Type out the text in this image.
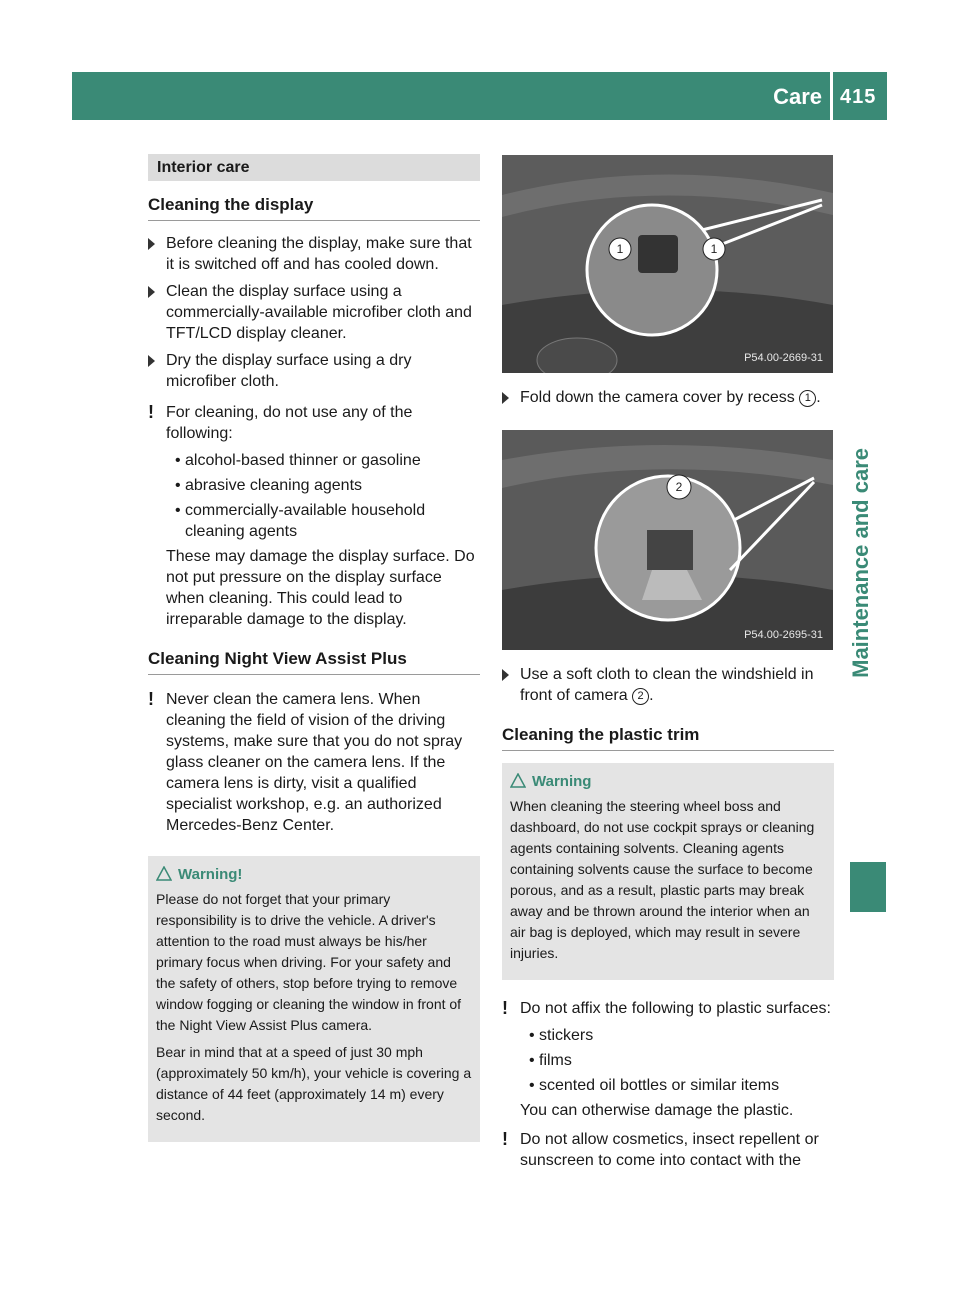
Care 415
Maintenance and care
Interior care
Cleaning the display
Before cleaning the display, make sure that it is switched off and has cooled down.
Clean the display surface using a commercially-available microfiber cloth and TFT/LCD display cleaner.
Dry the display surface using a dry microfiber cloth.
! For cleaning, do not use any of the following:
• alcohol-based thinner or gasoline
• abrasive cleaning agents
• commercially-available household cleaning agents
These may damage the display surface. Do not put pressure on the display surface when cleaning. This could lead to irreparable damage to the display.
Cleaning Night View Assist Plus
! Never clean the camera lens. When cleaning the field of vision of the driving systems, make sure that you do not spray glass cleaner on the camera lens. If the camera lens is dirty, visit a qualified specialist workshop, e.g. an authorized Mercedes-Benz Center.
Warning!

Please do not forget that your primary responsibility is to drive the vehicle. A driver's attention to the road must always be his/her primary focus when driving. For your safety and the safety of others, stop before trying to remove window fogging or cleaning the window in front of the Night View Assist Plus camera.

Bear in mind that at a speed of just 30 mph (approximately 50 km/h), your vehicle is covering a distance of 44 feet (approximately 14 m) every second.

1	1
P54.00-2669-31
Fold down the camera cover by recess 1 .
2
P54.00-2695-31
Use a soft cloth to clean the windshield in front of camera 2 .
Cleaning the plastic trim
Warning

When cleaning the steering wheel boss and dashboard, do not use cockpit sprays or cleaning agents containing solvents. Cleaning agents containing solvents cause the surface to become porous, and as a result, plastic parts may break away and be thrown around the interior when an air bag is deployed, which may result in severe injuries.

! Do not affix the following to plastic surfaces:
• stickers
• films
• scented oil bottles or similar items
You can otherwise damage the plastic.
! Do not allow cosmetics, insect repellent or sunscreen to come into contact with the
